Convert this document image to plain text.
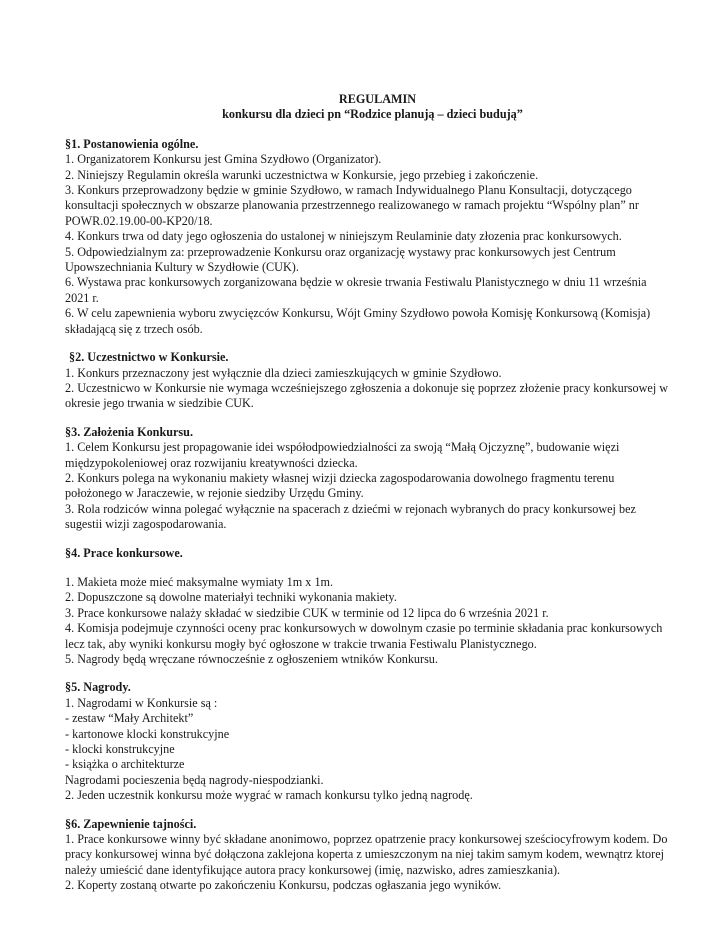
REGULAMIN
konkursu dla dzieci pn “Rodzice planują – dzieci budują”
§1. Postanowienia ogólne.
1. Organizatorem Konkursu jest Gmina Szydłowo (Organizator).
2. Niniejszy Regulamin określa warunki uczestnictwa w Konkursie, jego przebieg i zakończenie.
3. Konkurs przeprowadzony będzie w gminie Szydłowo, w ramach Indywidualnego Planu Konsultacji, dotyczącego konsultacji społecznych w obszarze planowania przestrzennego realizowanego w ramach projektu “Wspólny plan” nr POWR.02.19.00-00-KP20/18.
4. Konkurs trwa od daty jego ogłoszenia do ustalonej w niniejszym Reulaminie daty złozenia prac konkursowych.
5. Odpowiedzialnym za: przeprowadzenie Konkursu oraz organizację wystawy prac konkursowych jest Centrum Upowszechniania Kultury w Szydłowie (CUK).
6. Wystawa prac konkursowych zorganizowana będzie w okresie trwania Festiwalu Planistycznego w dniu 11 września 2021 r.
6. W celu zapewnienia wyboru zwycięzców Konkursu, Wójt Gminy Szydłowo powoła Komisję Konkursową (Komisja) składającą się z trzech osób.
§2. Uczestnictwo w Konkursie.
1. Konkurs przeznaczony jest wyłącznie dla dzieci zamieszkujących w gminie Szydłowo.
2. Uczestnicwo w Konkursie nie wymaga wcześniejszego zgłoszenia a dokonuje się poprzez złożenie pracy konkursowej w okresie jego trwania w siedzibie CUK.
§3. Założenia Konkursu.
1. Celem Konkursu jest propagowanie idei współodpowiedzialności za swoją “Małą Ojczyznę”, budowanie więzi międzypokoleniowej oraz rozwijaniu kreatywności dziecka.
2. Konkurs polega na wykonaniu makiety własnej wizji dziecka zagospodarowania dowolnego fragmentu terenu położonego w Jaraczewie, w rejonie siedziby Urzędu Gminy.
3. Rola rodziców winna polegać wyłącznie na spacerach z dziećmi w rejonach wybranych do pracy konkursowej bez sugestii wizji zagospodarowania.
§4. Prace konkursowe.
1. Makieta może mieć maksymalne wymiaty 1m x 1m.
2. Dopuszczone są dowolne materiałyi techniki wykonania makiety.
3. Prace konkursowe nalaży składać w siedzibie CUK w terminie od 12 lipca do 6 września 2021 r.
4. Komisja podejmuje czynności oceny prac konkursowych w dowolnym czasie po terminie składania prac konkursowych lecz tak, aby wyniki konkursu mogły być ogłoszone w trakcie trwania Festiwalu Planistycznego.
5. Nagrody będą wręczane równocześnie z ogłoszeniem wtników Konkursu.
§5. Nagrody.
1. Nagrodami w Konkursie są :
- zestaw “Mały Architekt”
- kartonowe klocki konstrukcyjne
- klocki konstrukcyjne
- książka o architekturze
Nagrodami pocieszenia będą nagrody-niespodzianki.
2. Jeden uczestnik konkursu może wygrać w ramach konkursu tylko jedną nagrodę.
§6. Zapewnienie tajności.
1. Prace konkursowe winny być składane anonimowo, poprzez opatrzenie pracy konkursowej sześciocyfrowym kodem. Do pracy konkursowej winna być dołączona zaklejona koperta z umieszczonym na niej takim samym kodem, wewnątrz ktorej należy umieścić dane identyfikujące autora pracy konkursowej (imię, nazwisko, adres zamieszkania).
2. Koperty zostaną otwarte po zakończeniu Konkursu, podczas ogłaszania jego wyników.
